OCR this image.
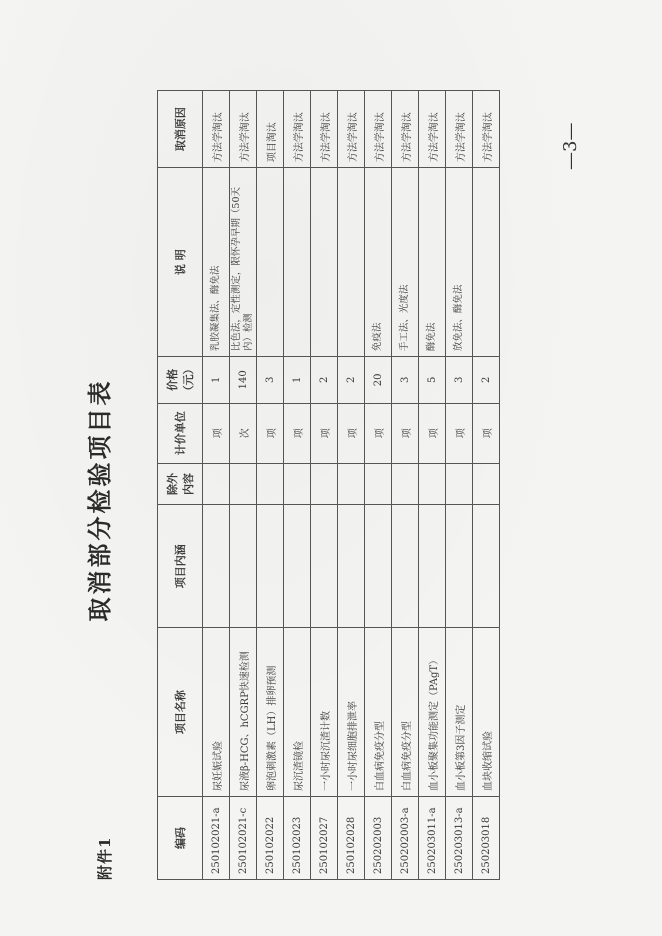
附件1
取消部分检验项目表
编码	项目名称	项目内涵	除外内容	计价单位	价格（元）	说 明	取消原因
250102021-a	尿妊娠试验			项	1	乳胶凝集法、酶免法	方法学淘汰
250102021-c	尿液β-HCG、hCGRP快速检测			次	140	比色法，定性测定，限怀孕早期（50天内）检测	方法学淘汰
250102022	卵泡刺激素（LH）排卵预测			项	3		项目淘汰
250102023	尿沉渣镜检			项	1		方法学淘汰
250102027	一小时尿沉渣计数			项	2		方法学淘汰
250102028	一小时尿细胞排泄率			项	2		方法学淘汰
250202003	白血病免疫分型			项	20	免疫法	方法学淘汰
250202003-a	白血病免疫分型			项	3	手工法、光度法	方法学淘汰
250203011-a	血小板聚集功能测定（PAgT）			项	5	酶免法	方法学淘汰
250203013-a	血小板第3因子测定			项	3	放免法、酶免法	方法学淘汰
250203018	血块收缩试验			项	2		方法学淘汰	—3—
